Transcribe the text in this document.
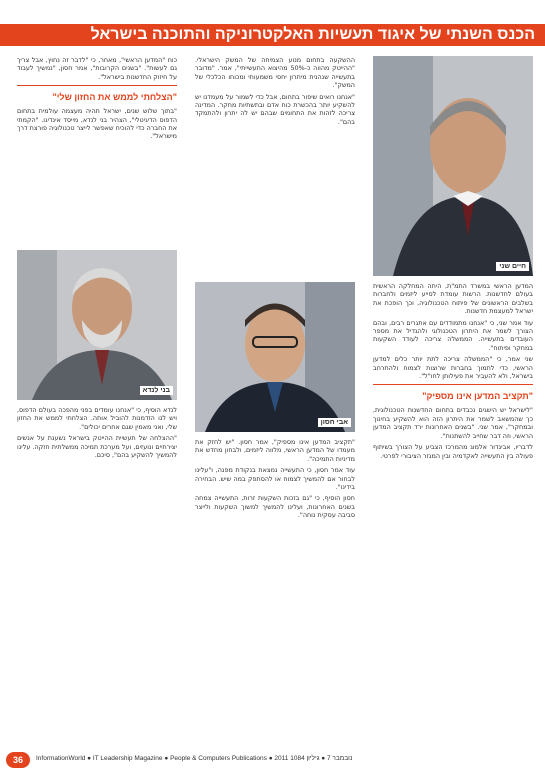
הכנס השנתי של איגוד תעשיות האלקטרוניקה והתוכנה בישראל
חיים שני

המדען הראשי במשרד התמ"ת, היתה המחלקה הראשית בעולם לחדשנות. הרשות עומדת לסייע ליזמים ולחברות בשלבים הראשונים של פיתוח הטכנולוגיה, וכך הופכת את ישראל למעצמת חדשנות.

עוד אמר שני, כי "אנחנו מתמודדים עם אתגרים רבים, ובהם הצורך לשמר את היתרון הטכנולוגי ולהגדיל את מספר העובדים בתעשייה. הממשלה צריכה לעודד השקעות במחקר ופיתוח".

שני אמר, כי "הממשלה צריכה לתת יותר כלים למדען הראשי, כדי לתמוך בחברות שרוצות לצמוח ולהתרחב בישראל, ולא להעביר את פעילותן לחו"ל".

"תקציב המדען אינו מספיק"

"לישראל יש הישגים נכבדים בתחום החדשנות הטכנולוגית, כך שהמשאב לשמר את היתרון הזה הוא להשקיע בחינוך ובמחקר", אמר שני. "בשנים האחרונות ירד תקציב המדען הראשי, וזה דבר שחייב להשתנות".

לדבריו, אביגדור אלמוג מהמרכז הצביע על הצורך בשיתוף פעולה בין התעשייה לאקדמיה ובין המגזר הציבורי לפרטי.

ההשקעה בתחום מנוע הצמיחה של המשק הישראלי. "ההייטק מהווה כ-50% מהיצוא התעשייתי", אמר. "מדובר בתעשייה שנהנית מיתרון יחסי משמעותי ומכוחו הכלכלי של המשק".

"אנחנו רואים שיפור בתחום, אבל כדי לשמור על מעמדנו יש להשקיע יותר בהכשרת כוח אדם ובתשתיות מחקר. המדינה צריכה לזהות את התחומים שבהם יש לה יתרון ולהתמקד בהם".

אבי חסון

"תקציב המדען אינו מספיק", אמר חסון. "יש לחזק את מעמדו של המדען הראשי, מלווה ליזמים, ולבחון מחדש את מדיניות התמיכה".

עוד אמר חסון, כי התעשייה נמצאת בנקודת מפנה, ו"עלינו לבחור אם להמשיך לצמוח או להסתפק במה שיש. הבחירה בידינו".

חסון הוסיף, כי "גם בזכות השקעות זרות, התעשייה צמחה בשנים האחרונות, ועלינו להמשיך למשוך השקעות ולייצר סביבה עסקית נוחה".

כוח "המדען הראשי", מאחר, כי "לדבר זה נחוץ, אבל צריך גם לעשות". "בשנים הקרובות", אמר חסון, "נמשיך לעבוד על חיזוק החדשנות בישראל".

"הצלחתי לממש את החזון שלי"

"בתוך שלוש שנים, ישראל תהיה מעצמה עולמית בתחום הדפוס הדיגיטלי", הצהיר בני לנדא, מייסד אינדיגו. "הקמתי את החברה כדי להוכיח שאפשר לייצר טכנולוגיה פורצת דרך מישראל".

בני לנדא

לנדא הוסיף, כי "אנחנו עומדים בפני מהפכה בעולם הדפוס, ויש לנו הזדמנות להוביל אותה. הצלחתי לממש את החזון שלי, ואני מאמין שגם אחרים יכולים".

"ההצלחה של תעשיית ההייטק בישראל נשענת על אנשים יצירתיים ונועזים, ועל מערכת תמיכה ממשלתית חזקה. עלינו להמשיך להשקיע בהם", סיכם.

36	InformationWorld ● IT Leadership Magazine ● People & Computers Publications ● 2011 נובמבר 7 ● גיליון 1084
